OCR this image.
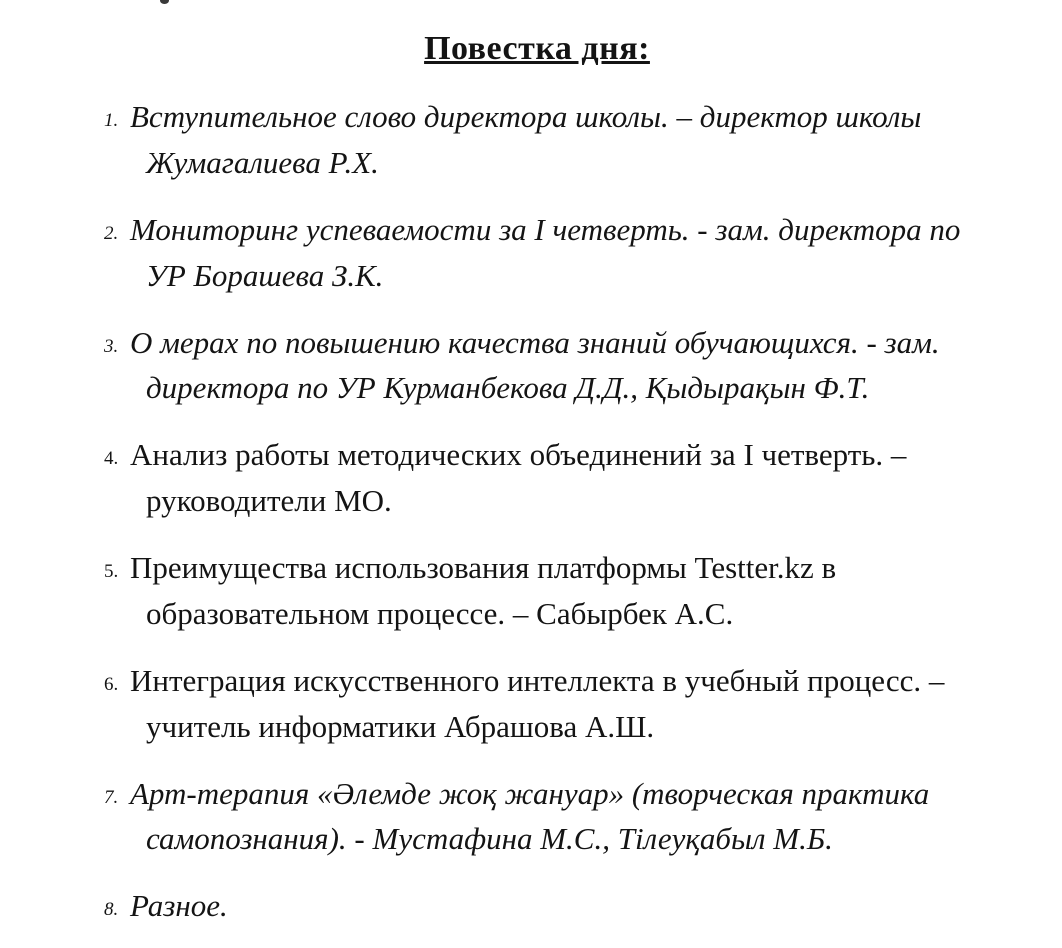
Повестка дня:
1. Вступительное слово директора школы. – директор школы Жумагалиева Р.Х.
2. Мониторинг успеваемости за I четверть. - зам. директора по УР Борашева З.К.
3. О мерах по повышению качества знаний обучающихся. - зам. директора по УР Курманбекова Д.Д., Қыдырақын Ф.Т.
4. Анализ работы методических объединений за I четверть. – руководители МО.
5. Преимущества использования платформы Testter.kz в образовательном процессе. – Сабырбек А.С.
6. Интеграция искусственного интеллекта в учебный процесс. – учитель информатики Абрашова А.Ш.
7. Арт-терапия «Әлемде жоқ жануар» (творческая практика самопознания). - Мустафина М.С., Тілеуқабыл М.Б.
8. Разное.
